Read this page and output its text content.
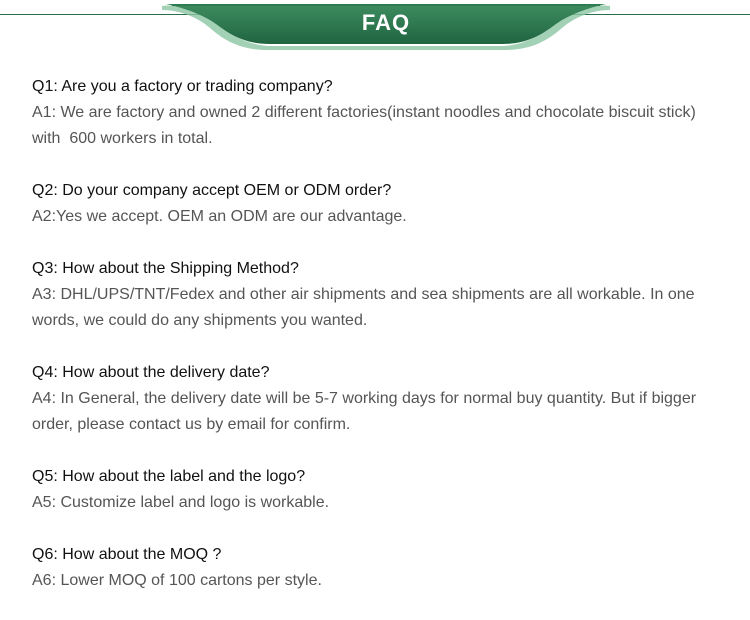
FAQ
Q1: Are you a factory or trading company?
A1: We are factory and owned 2 different factories(instant noodles and chocolate biscuit stick)
with  600 workers in total.
Q2: Do your company accept OEM or ODM order?
A2:Yes we accept. OEM an ODM are our advantage.
Q3: How about the Shipping Method?
A3: DHL/UPS/TNT/Fedex and other air shipments and sea shipments are all workable. In one
words, we could do any shipments you wanted.
Q4: How about the delivery date?
A4: In General, the delivery date will be 5-7 working days for normal buy quantity. But if bigger
order, please contact us by email for confirm.
Q5: How about the label and the logo?
A5: Customize label and logo is workable.
Q6: How about the MOQ ?
A6: Lower MOQ of 100 cartons per style.
